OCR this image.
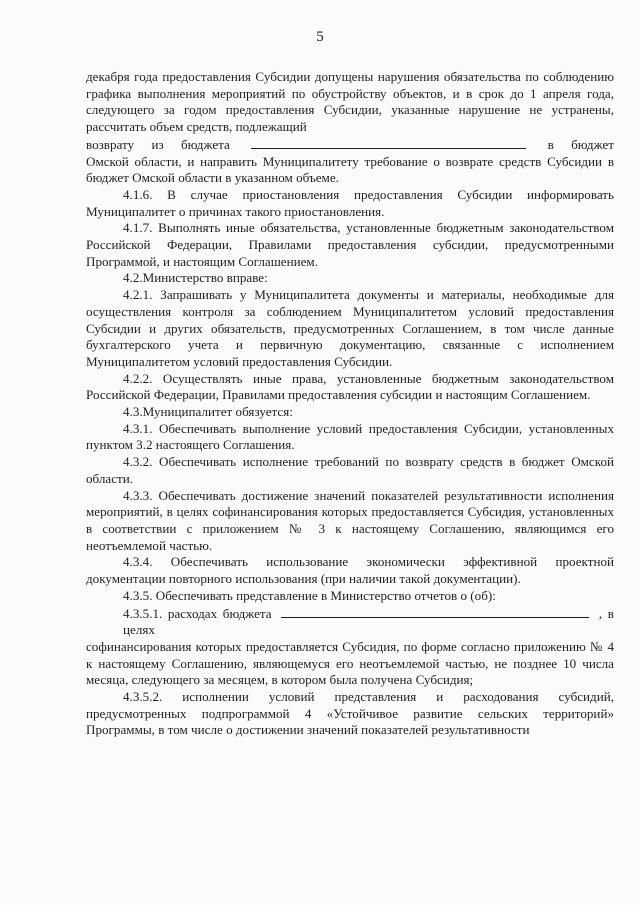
5

декабря года предоставления Субсидии допущены нарушения обязательства по соблюдению графика выполнения мероприятий по обустройству объектов, и в срок до 1 апреля года, следующего за годом предоставления Субсидии, указанные нарушение не устранены, рассчитать объем средств, подлежащий

возврату из бюджета	в бюджет

Омской области, и направить Муниципалитету требование о возврате средств Субсидии в бюджет Омской области в указанном объеме.

4.1.6. В случае приостановления предоставления Субсидии информировать Муниципалитет о причинах такого приостановления.

4.1.7. Выполнять иные обязательства, установленные бюджетным законодательством Российской Федерации, Правилами предоставления субсидии, предусмотренными Программой, и настоящим Соглашением.

4.2.Министерство вправе:

4.2.1. Запрашивать у Муниципалитета документы и материалы, необходимые для осуществления контроля за соблюдением Муниципалитетом условий предоставления Субсидии и других обязательств, предусмотренных Соглашением, в том числе данные бухгалтерского учета и первичную документацию, связанные с исполнением Муниципалитетом условий предоставления Субсидии.

4.2.2. Осуществлять иные права, установленные бюджетным законодательством Российской Федерации, Правилами предоставления субсидии и настоящим Соглашением.

4.3.Муниципалитет обязуется:

4.3.1. Обеспечивать выполнение условий предоставления Субсидии, установленных пунктом 3.2 настоящего Соглашения.

4.3.2. Обеспечивать исполнение требований по возврату средств в бюджет Омской области.

4.3.3. Обеспечивать достижение значений показателей результативности исполнения мероприятий, в целях софинансирования которых предоставляется Субсидия, установленных в соответствии с приложением № 3 к настоящему Соглашению, являющимся его неотъемлемой частью.

4.3.4. Обеспечивать использование экономически эффективной проектной документации повторного использования (при наличии такой документации).

4.3.5. Обеспечивать представление в Министерство отчетов о (об):

4.3.5.1. расходах бюджета	, в целях

софинансирования которых предоставляется Субсидия, по форме согласно приложению № 4 к настоящему Соглашению, являющемуся его неотъемлемой частью, не позднее 10 числа месяца, следующего за месяцем, в котором была получена Субсидия;

4.3.5.2. исполнении условий представления и расходования субсидий, предусмотренных подпрограммой 4 «Устойчивое развитие сельских территорий» Программы, в том числе о достижении значений показателей результативности
